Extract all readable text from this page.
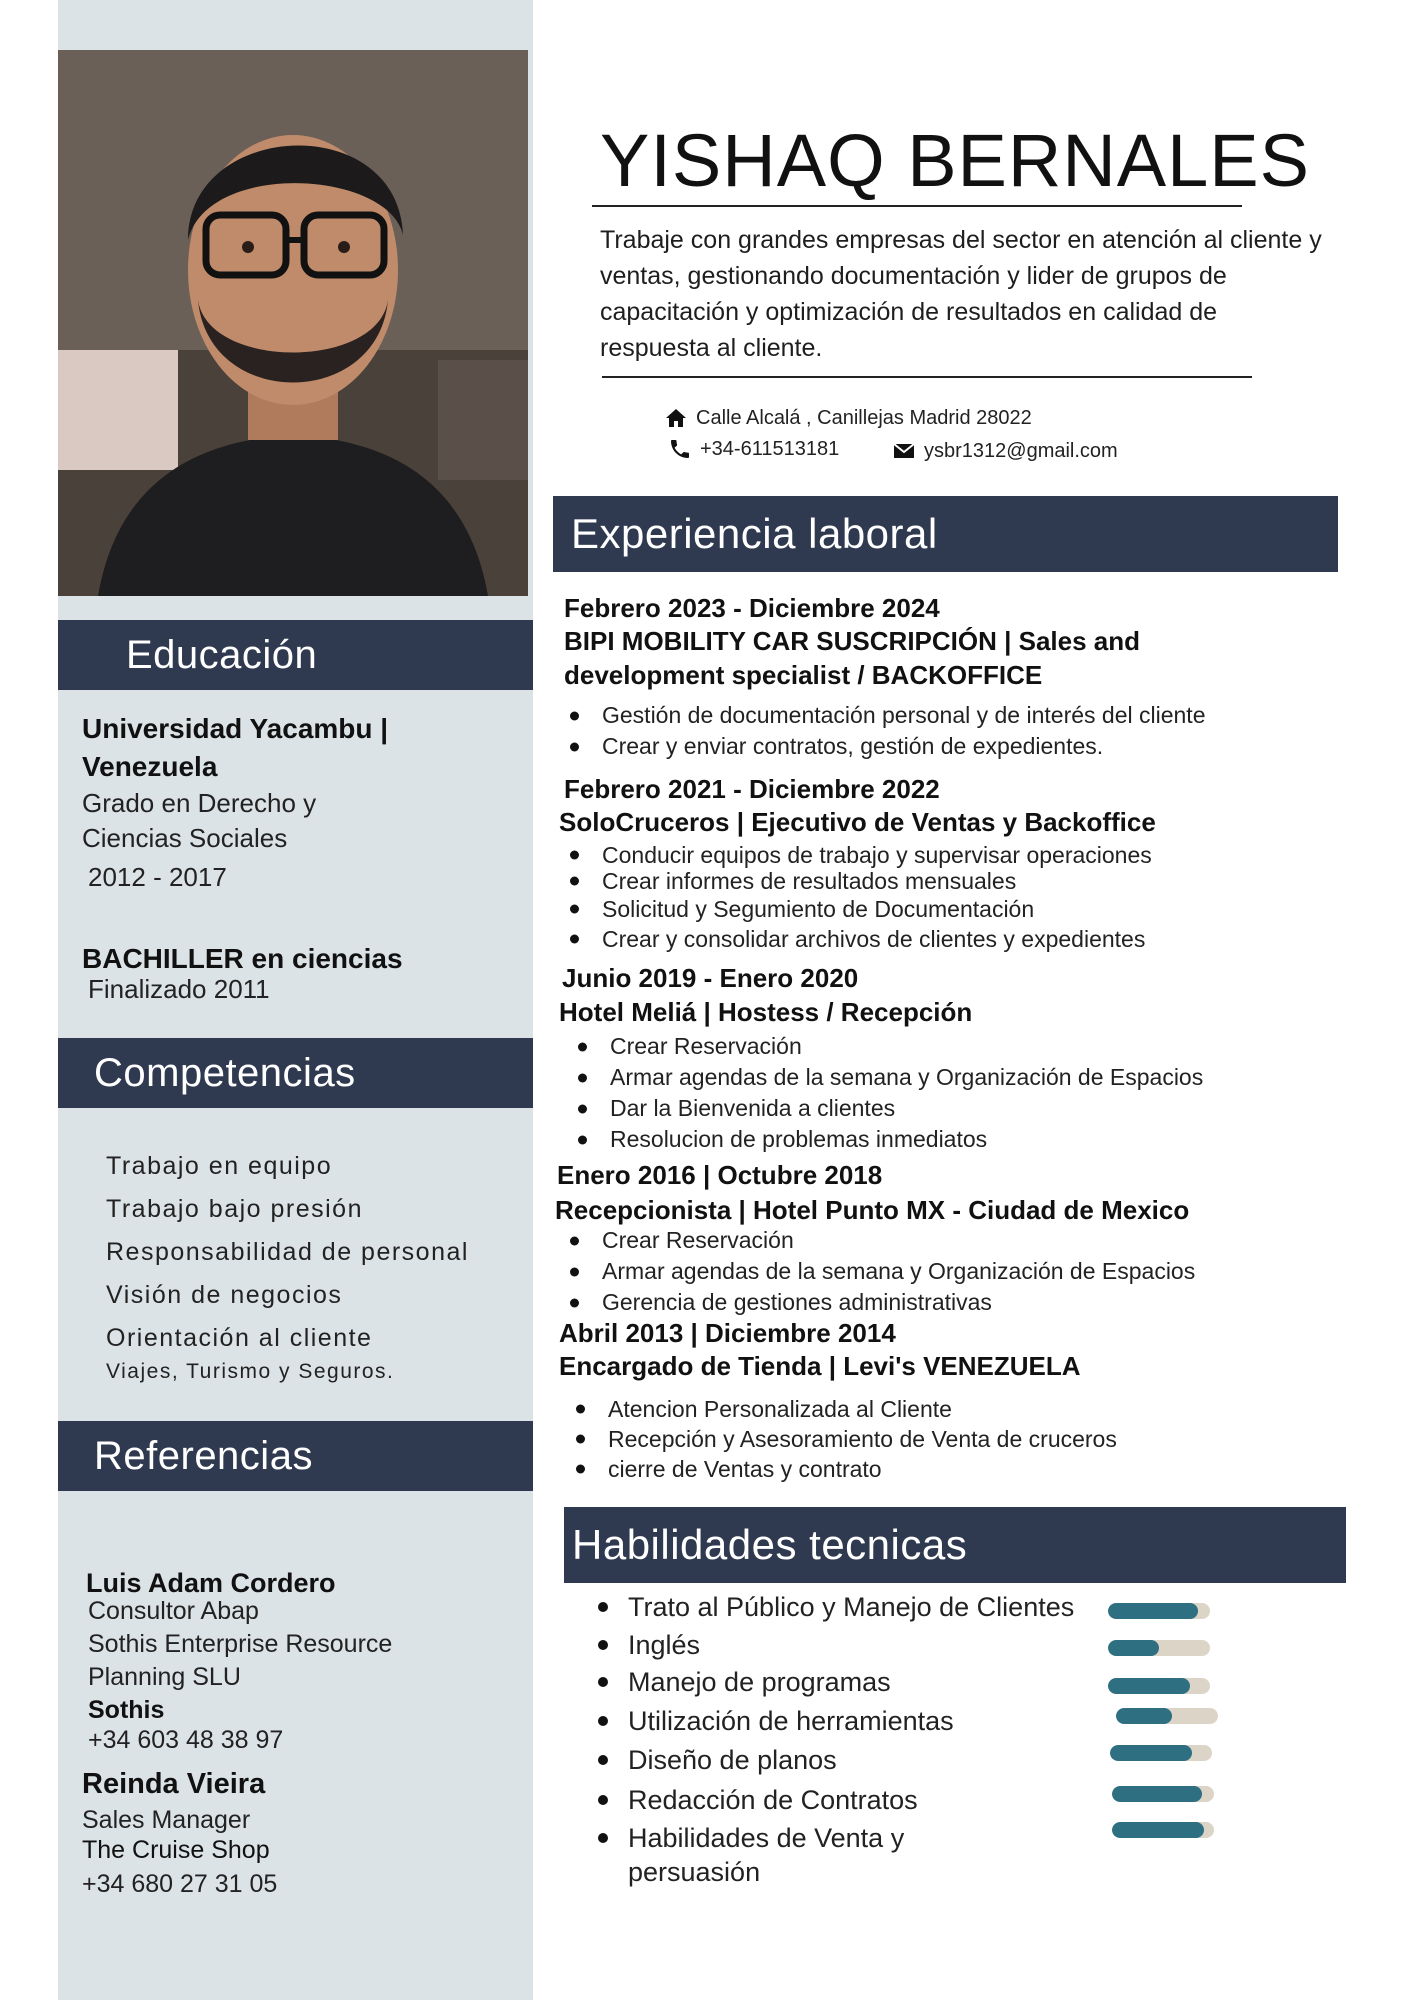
Educación
Universidad Yacambu | Venezuela
Grado en Derecho y Ciencias Sociales
2012 - 2017
BACHILLER en ciencias
Finalizado 2011
Competencias
Trabajo en equipo
Trabajo bajo presión
Responsabilidad de personal
Visión de negocios
Orientación al cliente
Viajes, Turismo y Seguros.
Referencias
Luis Adam Cordero
Consultor Abap
Sothis Enterprise Resource Planning SLU
Sothis
+34 603 48 38 97
Reinda Vieira
Sales Manager
The Cruise Shop
+34 680 27 31 05
YISHAQ BERNALES
Trabaje con grandes empresas del sector en atención al cliente y ventas, gestionando documentación y lider de grupos de capacitación y optimización de resultados en calidad de respuesta al cliente.
Calle Alcalá , Canillejas Madrid 28022
+34-611513181	ysbr1312@gmail.com
Experiencia laboral
Febrero 2023 - Diciembre 2024
BIPI MOBILITY CAR SUSCRIPCIÓN | Sales and development specialist / BACKOFFICE
Gestión de documentación personal y de interés del cliente
Crear y enviar contratos, gestión de expedientes.
Febrero 2021 - Diciembre 2022
SoloCruceros | Ejecutivo de Ventas y Backoffice
Conducir equipos de trabajo y supervisar operaciones
Crear informes de resultados mensuales
Solicitud y Segumiento de Documentación
Crear y consolidar archivos de clientes y expedientes
Junio 2019 - Enero 2020
Hotel Meliá | Hostess / Recepción
Crear Reservación
Armar agendas de la semana y Organización de Espacios
Dar la Bienvenida a clientes
Resolucion de problemas inmediatos
Enero 2016 | Octubre 2018
Recepcionista | Hotel Punto MX - Ciudad de Mexico
Crear Reservación
Armar agendas de la semana y Organización de Espacios
Gerencia de gestiones administrativas
Abril 2013 | Diciembre 2014
Encargado de Tienda | Levi's VENEZUELA
Atencion Personalizada al Cliente
Recepción y Asesoramiento de Venta de cruceros
cierre de Ventas y contrato
Habilidades tecnicas
Trato al Público y Manejo de Clientes
Inglés
Manejo de programas
Utilización de herramientas
Diseño de planos
Redacción de Contratos
Habilidades de Venta y persuasión
